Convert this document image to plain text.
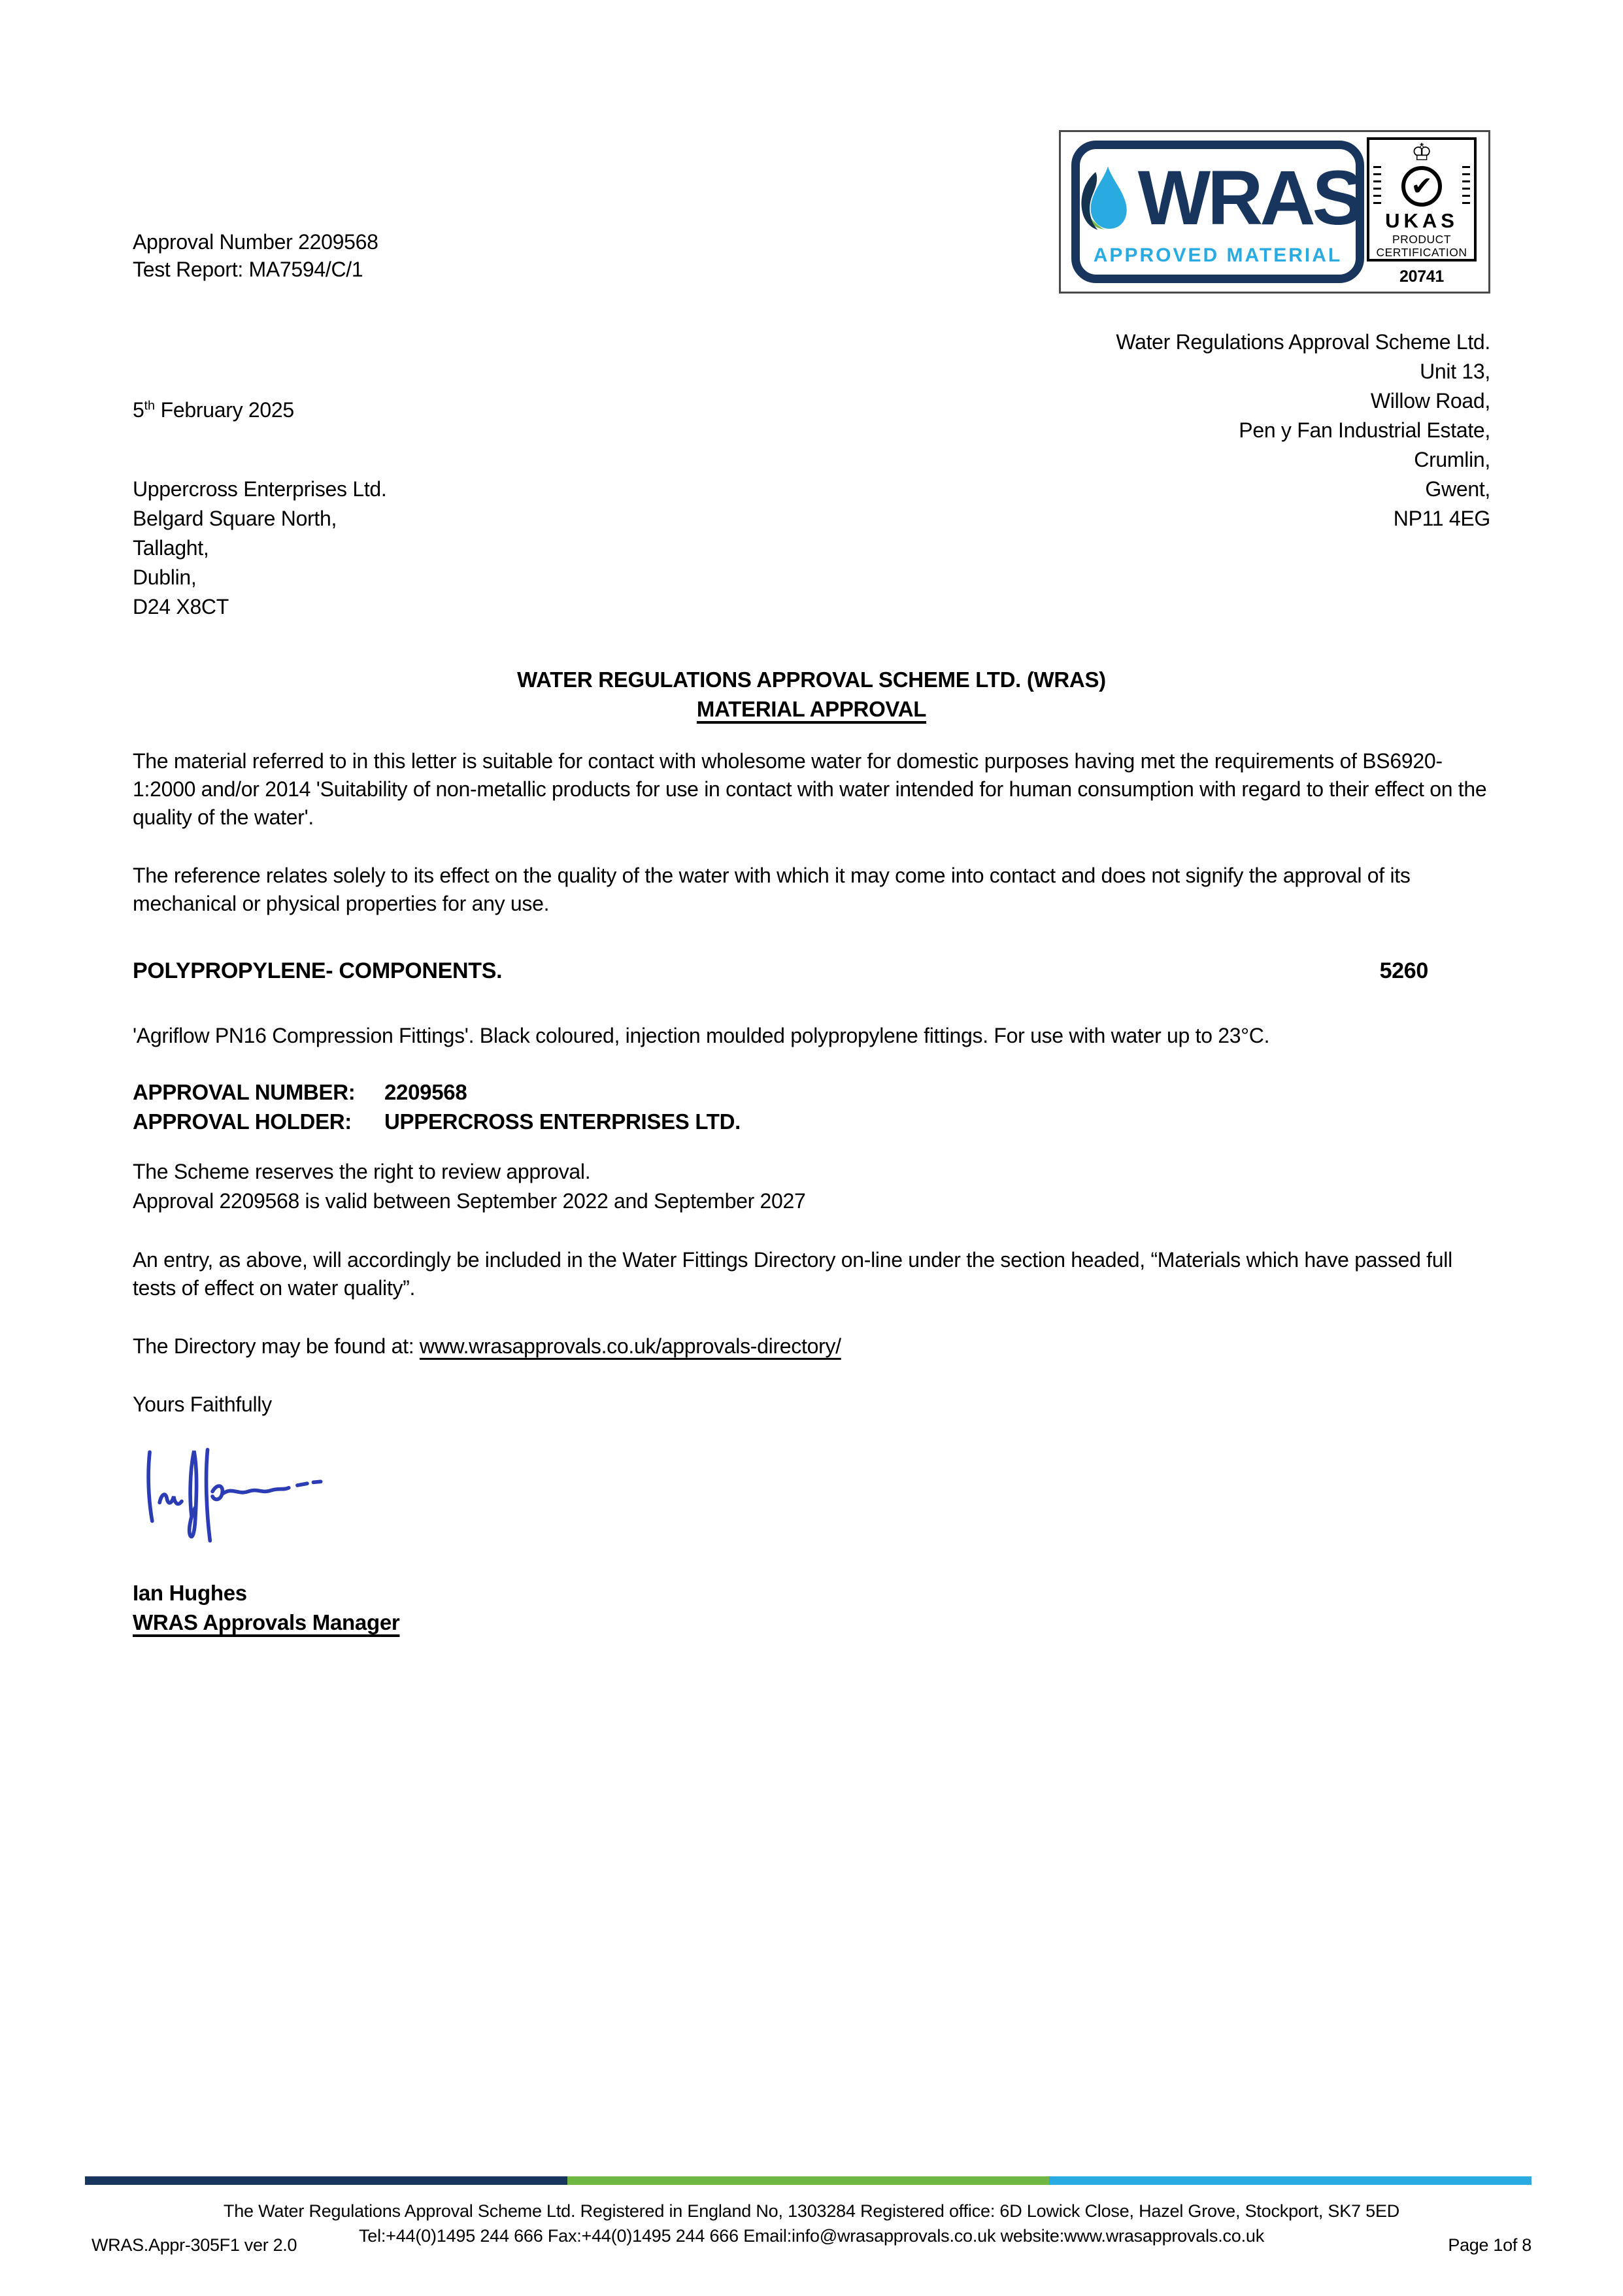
Approval Number 2209568
Test Report: MA7594/C/1
WRAS
APPROVED MATERIAL
♔
✔
UKAS
PRODUCT
CERTIFICATION
20741

5th February 2025

Uppercross Enterprises Ltd.
Belgard Square North,
Tallaght,
Dublin,
D24 X8CT
Water Regulations Approval Scheme Ltd.
Unit 13,
Willow Road,
Pen y Fan Industrial Estate,
Crumlin,
Gwent,
NP11 4EG
WATER REGULATIONS APPROVAL SCHEME LTD. (WRAS)
MATERIAL APPROVAL

The material referred to in this letter is suitable for contact with wholesome water for domestic purposes having met the requirements of BS6920-1:2000 and/or 2014 'Suitability of non-metallic products for use in contact with water intended for human consumption with regard to their effect on the quality of the water'.

The reference relates solely to its effect on the quality of the water with which it may come into contact and does not signify the approval of its mechanical or physical properties for any use.

POLYPROPYLENE- COMPONENTS.	5260

'Agriflow PN16 Compression Fittings'. Black coloured, injection moulded polypropylene fittings. For use with water up to 23°C.

APPROVAL NUMBER:	2209568
APPROVAL HOLDER:	UPPERCROSS ENTERPRISES LTD.
The Scheme reserves the right to review approval.
Approval 2209568 is valid between September 2022 and September 2027

An entry, as above, will accordingly be included in the Water Fittings Directory on-line under the section headed, “Materials which have passed full tests of effect on water quality”.

The Directory may be found at: www.wrasapprovals.co.uk/approvals-directory/

Yours Faithfully

Ian Hughes
WRAS Approvals Manager
The Water Regulations Approval Scheme Ltd. Registered in England No, 1303284 Registered office: 6D Lowick Close, Hazel Grove, Stockport, SK7 5ED
Tel:+44(0)1495 244 666 Fax:+44(0)1495 244 666 Email:info@wrasapprovals.co.uk website:www.wrasapprovals.co.uk
WRAS.Appr-305F1 ver 2.0	Page 1of 8
